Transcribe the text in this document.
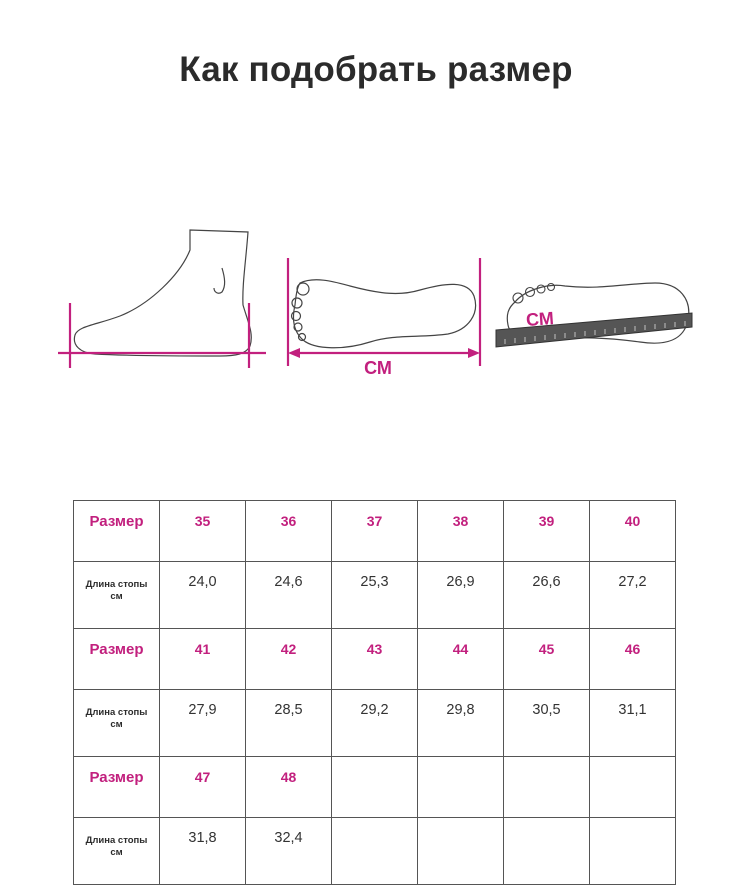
Как подобрать размер
СМ
СМ
Размер	35	36	37	38	39	40

Длина стопы
см	24,0	24,6	25,3	26,9	26,6	27,2
Размер	41	42	43	44	45	46

Длина стопы
см	27,9	28,5	29,2	29,8	30,5	31,1
Размер	47	48				

Длина стопы
см	31,8	32,4				
